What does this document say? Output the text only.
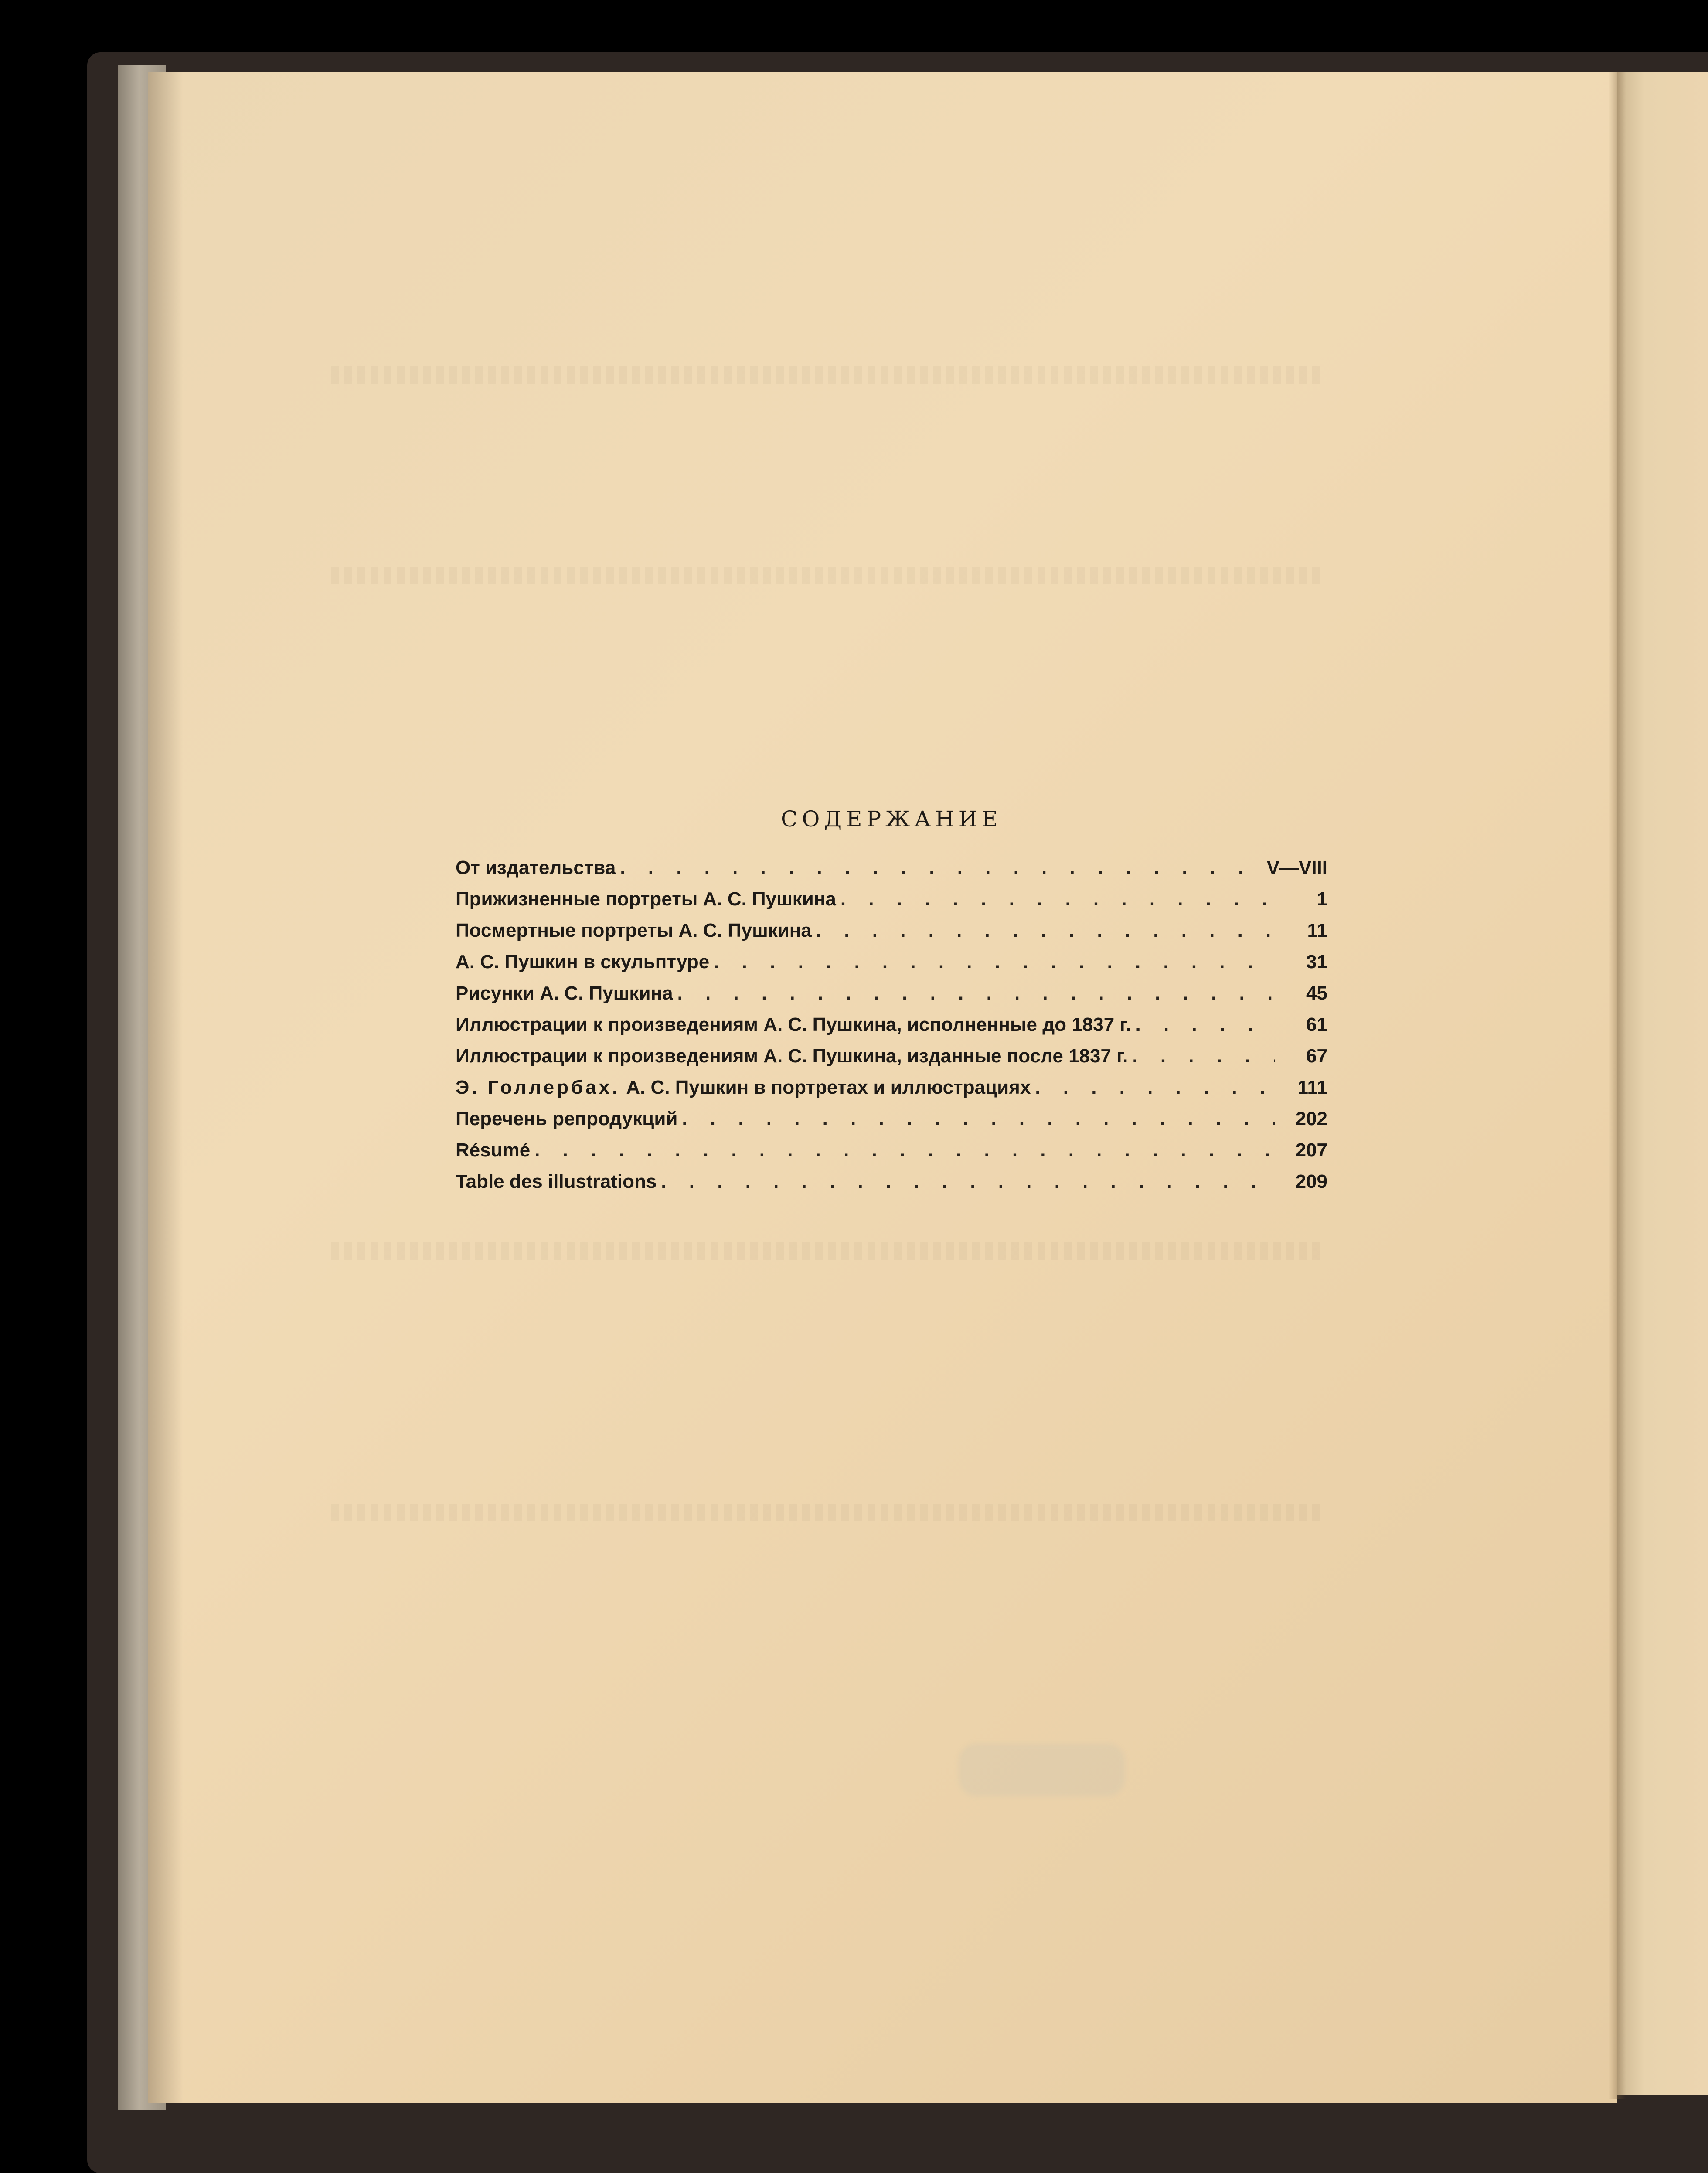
СОДЕРЖАНИЕ
От издательства . . .	V—VIII
Прижизненные портреты А. С. Пушкина . . .	1
Посмертные портреты А. С. Пушкина . . .	11
А. С. Пушкин в скульптуре . . .	31
Рисунки А. С. Пушкина . . .	45
Иллюстрации к произведениям А. С. Пушкина, исполненные до 1837 г. . . .	61
Иллюстрации к произведениям А. С. Пушкина, изданные после 1837 г. . . .	67
Э. Голлербах. А. С. Пушкин в портретах и иллюстрациях . . .	111
Перечень репродукций . . .	202
Résumé . . .	207
Table des illustrations . . .	209
